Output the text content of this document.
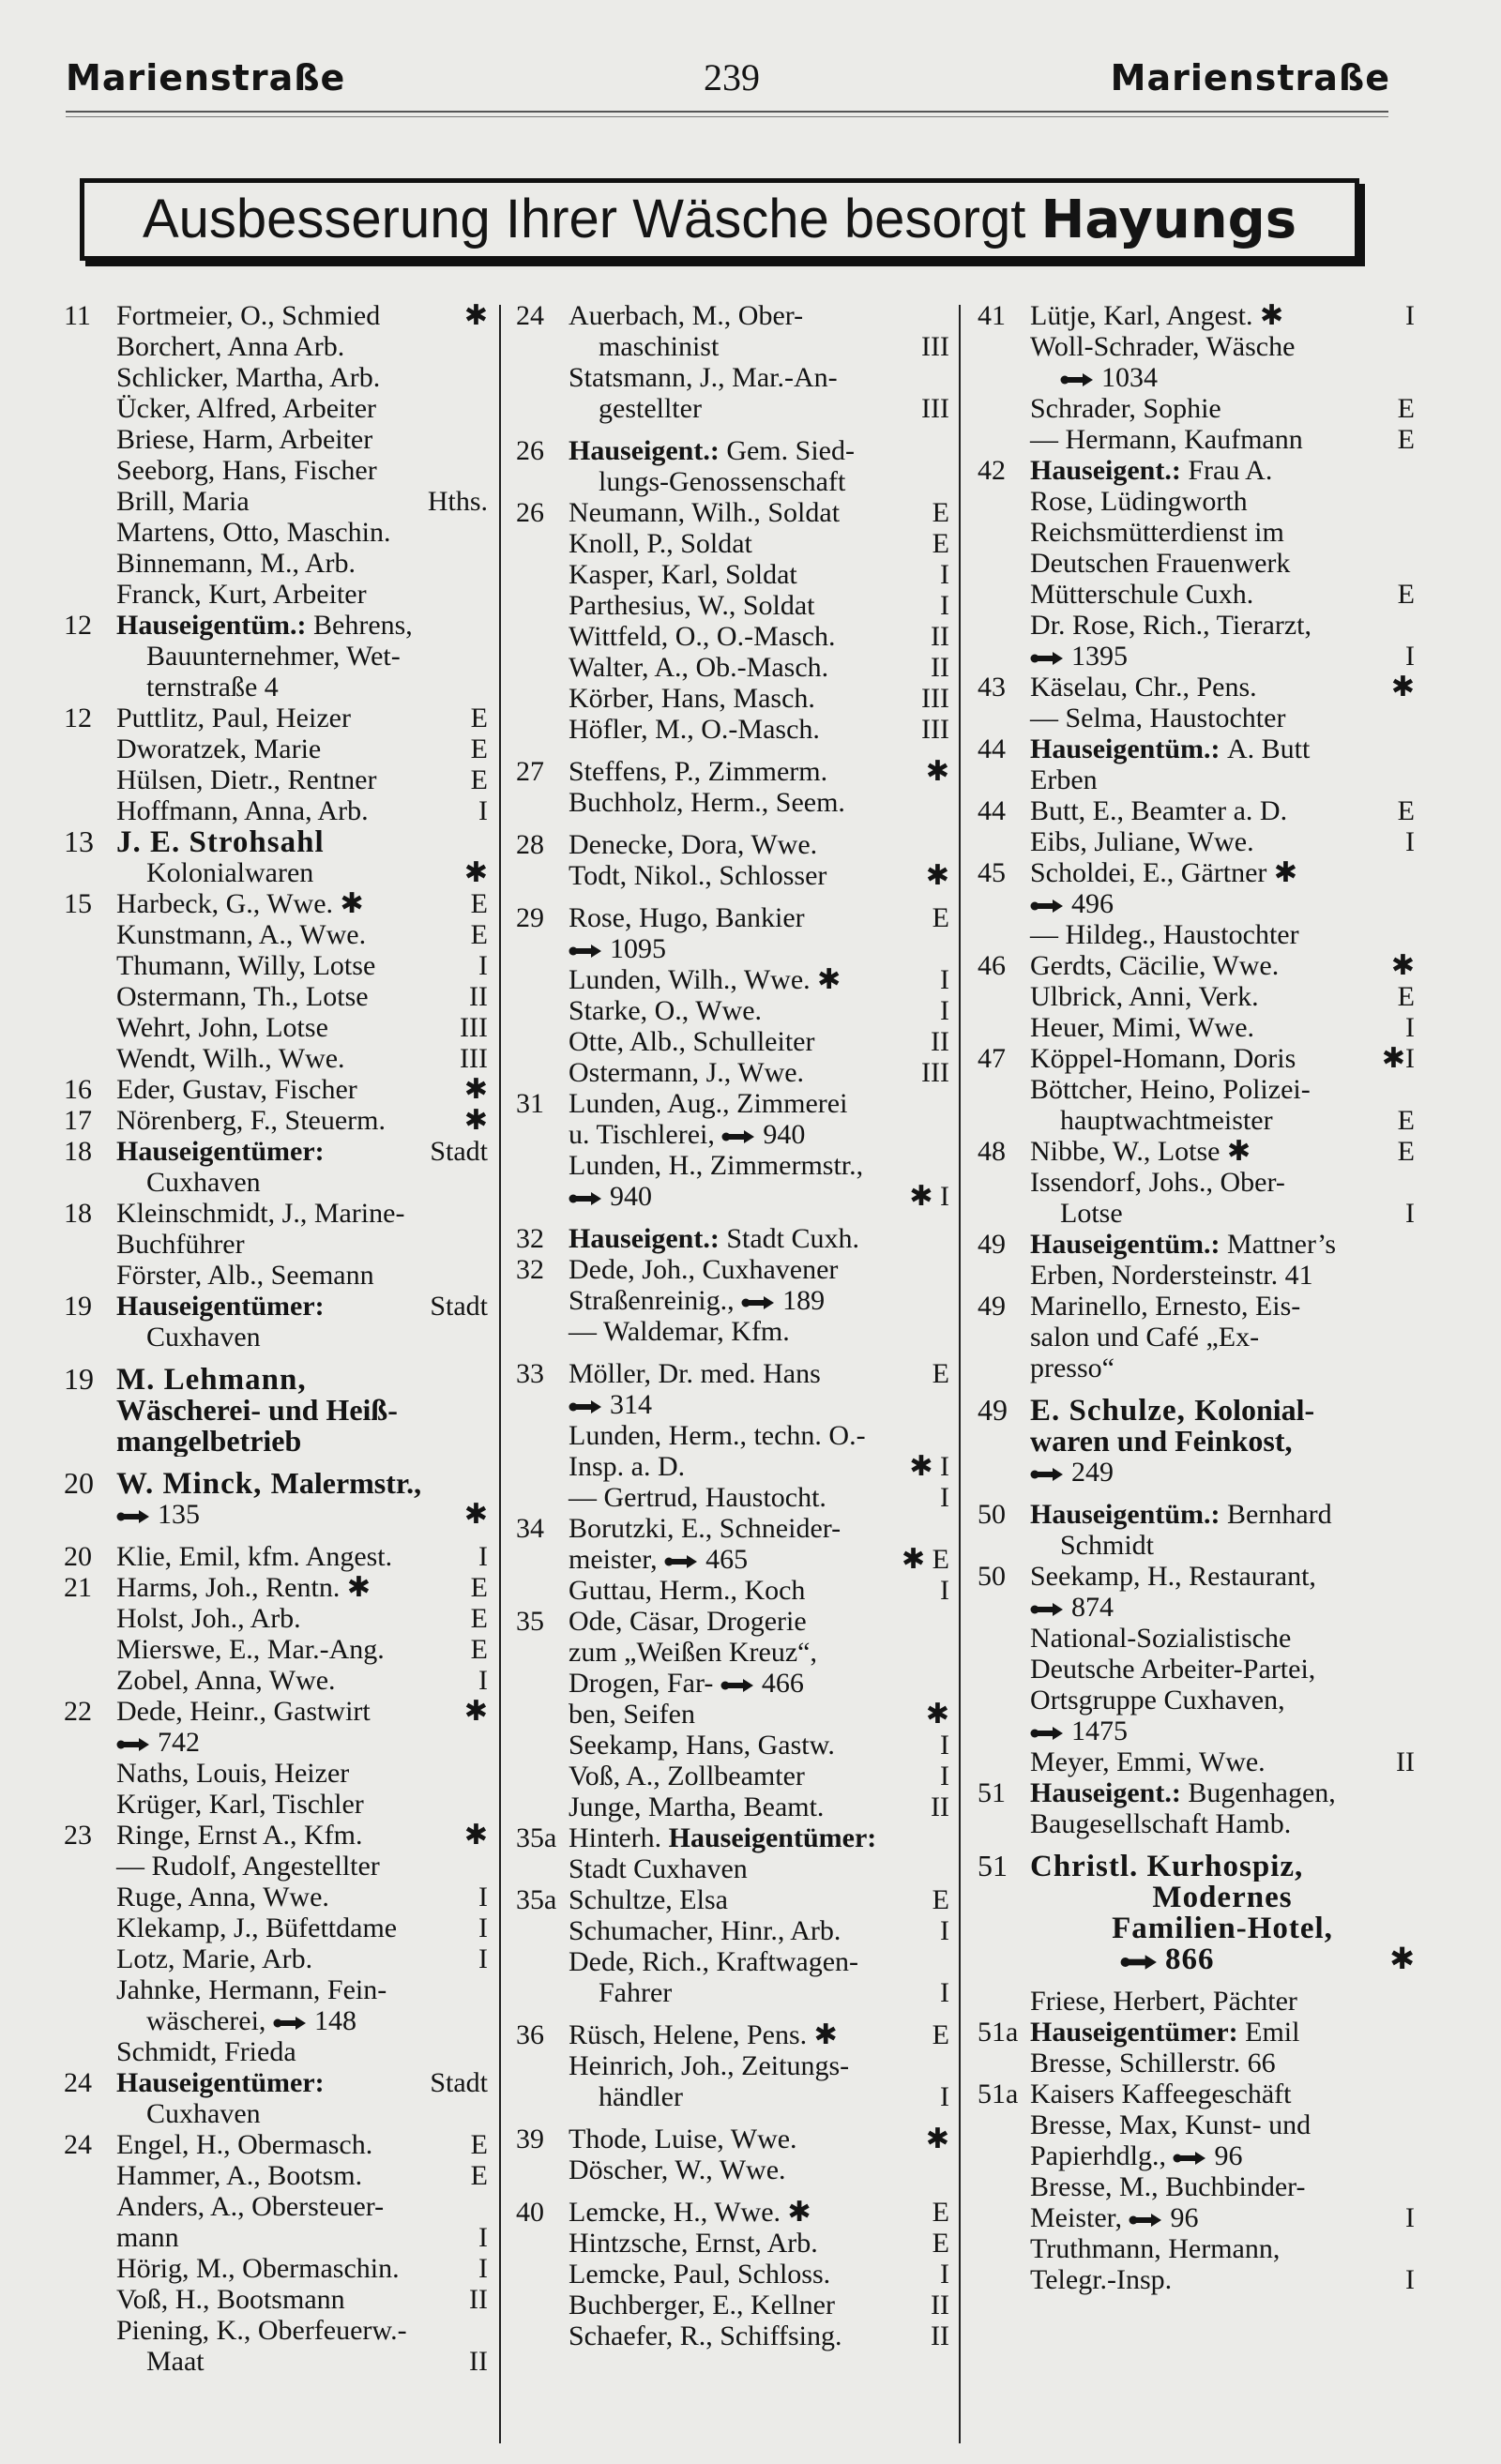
Marienstraße	239	Marienstraße
Ausbesserung Ihrer Wäsche besorgt Hayungs
11 Fortmeier, O., Schmied	✱
Borchert, Anna Arb.
Schlicker, Martha, Arb.
Ücker, Alfred, Arbeiter
Briese, Harm, Arbeiter
Seeborg, Hans, Fischer
Brill, Maria	Hths.
Martens, Otto, Maschin.
Binnemann, M., Arb.
Franck, Kurt, Arbeiter
12 Hauseigentüm.: Behrens,
Bauunternehmer, Wet-
ternstraße 4
12 Puttlitz, Paul, Heizer	E
Dworatzek, Marie	E
Hülsen, Dietr., Rentner	E
Hoffmann, Anna, Arb.	I
13 J. E. Strohsahl
Kolonialwaren	✱
15 Harbeck, G., Wwe. ✱	E
Kunstmann, A., Wwe.	E
Thumann, Willy, Lotse	I
Ostermann, Th., Lotse	II
Wehrt, John, Lotse	III
Wendt, Wilh., Wwe.	III
16 Eder, Gustav, Fischer	✱
17 Nörenberg, F., Steuerm.	✱
18 Hauseigentümer:	Stadt
Cuxhaven
18 Kleinschmidt, J., Marine-
Buchführer
Förster, Alb., Seemann
19 Hauseigentümer:	Stadt
Cuxhaven
19 M. Lehmann,
Wäscherei- und Heiß-
mangelbetrieb
20 W. Minck, Malermstr.,
135	✱
20 Klie, Emil, kfm. Angest.	I
21 Harms, Joh., Rentn. ✱	E
Holst, Joh., Arb.	E
Mierswe, E., Mar.-Ang.	E
Zobel, Anna, Wwe.	I
22 Dede, Heinr., Gastwirt	✱
742
Naths, Louis, Heizer
Krüger, Karl, Tischler
23 Ringe, Ernst A., Kfm.	✱
— Rudolf, Angestellter
Ruge, Anna, Wwe.	I
Klekamp, J., Büfettdame	I
Lotz, Marie, Arb.	I
Jahnke, Hermann, Fein-
wäscherei, 148
Schmidt, Frieda
24 Hauseigentümer:	Stadt
Cuxhaven
24 Engel, H., Obermasch.	E
Hammer, A., Bootsm.	E
Anders, A., Obersteuer-
mann	I
Hörig, M., Obermaschin.	I
Voß, H., Bootsmann	II
Piening, K., Oberfeuerw.-
Maat	II
24 Auerbach, M., Ober-
maschinist	III
Statsmann, J., Mar.-An-
gestellter	III
26 Hauseigent.: Gem. Sied-
lungs-Genossenschaft
26 Neumann, Wilh., Soldat	E
Knoll, P., Soldat	E
Kasper, Karl, Soldat	I
Parthesius, W., Soldat	I
Wittfeld, O., O.-Masch.	II
Walter, A., Ob.-Masch.	II
Körber, Hans, Masch.	III
Höfler, M., O.-Masch.	III
27 Steffens, P., Zimmerm.	✱
Buchholz, Herm., Seem.
28 Denecke, Dora, Wwe.
Todt, Nikol., Schlosser	✱
29 Rose, Hugo, Bankier	E
1095
Lunden, Wilh., Wwe. ✱	I
Starke, O., Wwe.	I
Otte, Alb., Schulleiter	II
Ostermann, J., Wwe.	III
31 Lunden, Aug., Zimmerei
u. Tischlerei, 940
Lunden, H., Zimmermstr.,
940	✱ I
32 Hauseigent.: Stadt Cuxh.
32 Dede, Joh., Cuxhavener
Straßenreinig., 189
— Waldemar, Kfm.
33 Möller, Dr. med. Hans	E
314
Lunden, Herm., techn. O.-
Insp. a. D.	✱ I
— Gertrud, Haustocht.	I
34 Borutzki, E., Schneider-
meister, 465	✱ E
Guttau, Herm., Koch	I
35 Ode, Cäsar, Drogerie
zum „Weißen Kreuz“,
Drogen, Far- 466
ben, Seifen	✱
Seekamp, Hans, Gastw.	I
Voß, A., Zollbeamter	I
Junge, Martha, Beamt.	II
35a Hinterh. Hauseigentümer:
Stadt Cuxhaven
35a Schultze, Elsa	E
Schumacher, Hinr., Arb.	I
Dede, Rich., Kraftwagen-
Fahrer	I
36 Rüsch, Helene, Pens. ✱	E
Heinrich, Joh., Zeitungs-
händler	I
39 Thode, Luise, Wwe.	✱
Döscher, W., Wwe.
40 Lemcke, H., Wwe. ✱	E
Hintzsche, Ernst, Arb.	E
Lemcke, Paul, Schloss.	I
Buchberger, E., Kellner	II
Schaefer, R., Schiffsing.	II
41 Lütje, Karl, Angest. ✱	I
Woll-Schrader, Wäsche
1034
Schrader, Sophie	E
— Hermann, Kaufmann	E
42 Hauseigent.: Frau A.
Rose, Lüdingworth
Reichsmütterdienst im
Deutschen Frauenwerk
Mütterschule Cuxh.	E
Dr. Rose, Rich., Tierarzt,
1395	I
43 Käselau, Chr., Pens.	✱
— Selma, Haustochter
44 Hauseigentüm.: A. Butt
Erben
44 Butt, E., Beamter a. D.	E
Eibs, Juliane, Wwe.	I
45 Scholdei, E., Gärtner ✱
496
— Hildeg., Haustochter
46 Gerdts, Cäcilie, Wwe.	✱
Ulbrick, Anni, Verk.	E
Heuer, Mimi, Wwe.	I
47 Köppel-Homann, Doris	✱I
Böttcher, Heino, Polizei-
hauptwachtmeister	E
48 Nibbe, W., Lotse ✱	E
Issendorf, Johs., Ober-
Lotse	I
49 Hauseigentüm.: Mattner’s
Erben, Nordersteinstr. 41
49 Marinello, Ernesto, Eis-
salon und Café „Ex-
presso“
49 E. Schulze, Kolonial-
waren und Feinkost,
249
50 Hauseigentüm.: Bernhard
Schmidt
50 Seekamp, H., Restaurant,
874
National-Sozialistische
Deutsche Arbeiter-Partei,
Ortsgruppe Cuxhaven,
1475
Meyer, Emmi, Wwe.	II
51 Hauseigent.: Bugenhagen,
Baugesellschaft Hamb.
51 Christl. Kurhospiz,
Modernes
Familien-Hotel,
866	✱
Friese, Herbert, Pächter
51a Hauseigentümer: Emil
Bresse, Schillerstr. 66
51a Kaisers Kaffeegeschäft
Bresse, Max, Kunst- und
Papierhdlg., 96
Bresse, M., Buchbinder-
Meister, 96	I
Truthmann, Hermann,
Telegr.-Insp.	I
